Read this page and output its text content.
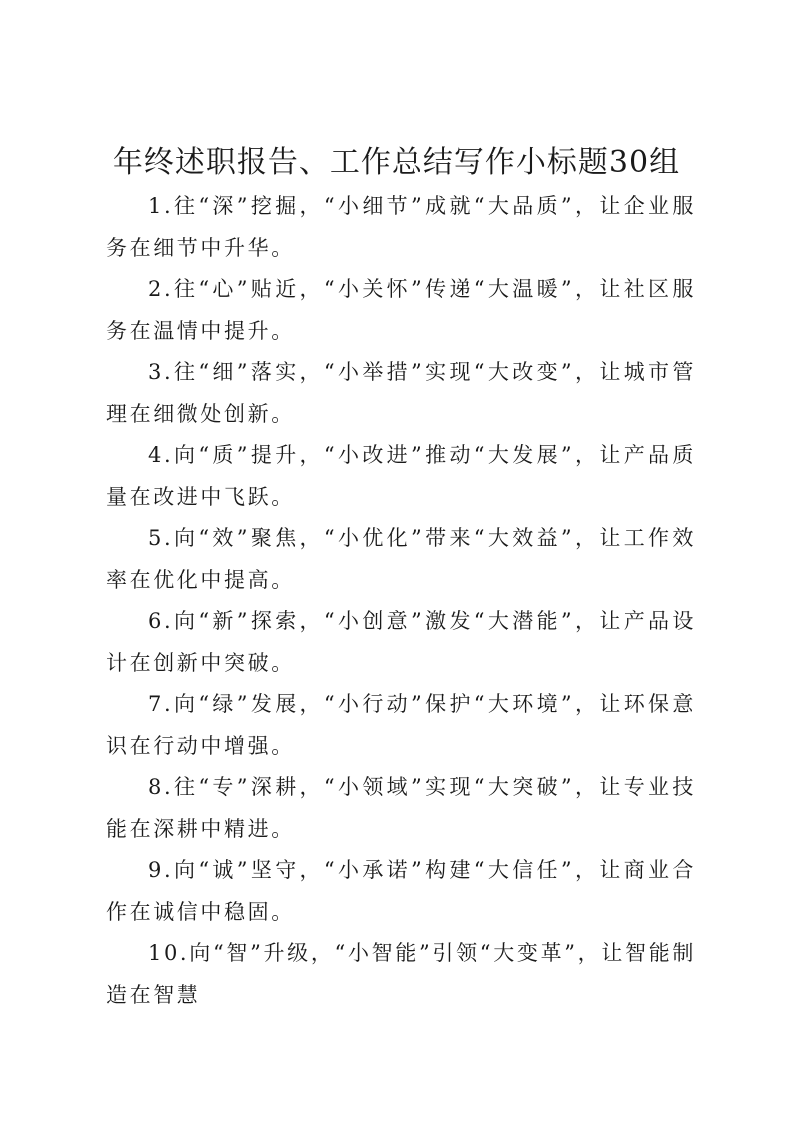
年终述职报告、工作总结写作小标题30组

1.往“深”挖掘，“小细节”成就“大品质”，让企业服务在细节中升华。

2.往“心”贴近，“小关怀”传递“大温暖”，让社区服务在温情中提升。

3.往“细”落实，“小举措”实现“大改变”，让城市管理在细微处创新。

4.向“质”提升，“小改进”推动“大发展”，让产品质量在改进中飞跃。

5.向“效”聚焦，“小优化”带来“大效益”，让工作效率在优化中提高。

6.向“新”探索，“小创意”激发“大潜能”，让产品设计在创新中突破。

7.向“绿”发展，“小行动”保护“大环境”，让环保意识在行动中增强。

8.往“专”深耕，“小领域”实现“大突破”，让专业技能在深耕中精进。

9.向“诚”坚守，“小承诺”构建“大信任”，让商业合作在诚信中稳固。

10.向“智”升级，“小智能”引领“大变革”，让智能制造在智慧
